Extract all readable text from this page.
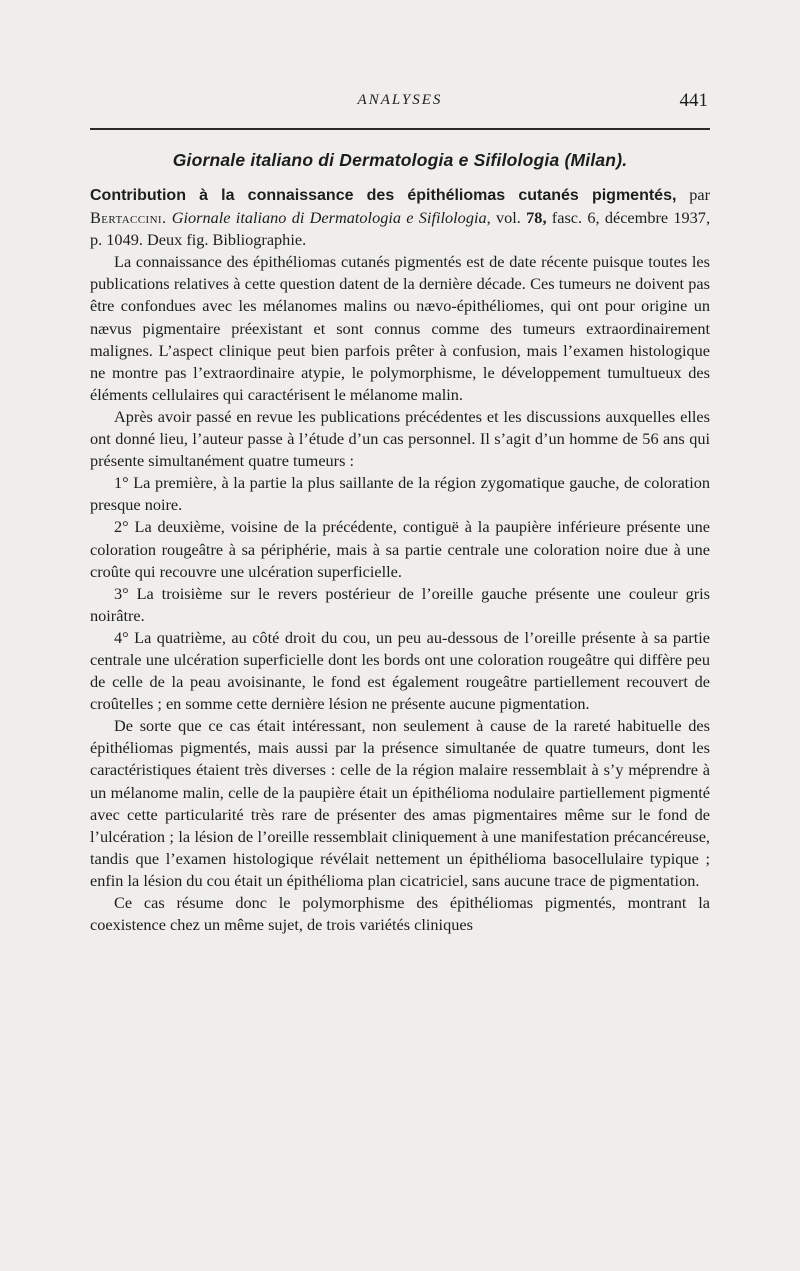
ANALYSES	441
Giornale italiano di Dermatologia e Sifilologia (Milan).

Contribution à la connaissance des épithéliomas cutanés pigmentés, par Bertaccini. Giornale italiano di Dermatologia e Sifilologia, vol. 78, fasc. 6, décembre 1937, p. 1049. Deux fig. Bibliographie.

La connaissance des épithéliomas cutanés pigmentés est de date récente puisque toutes les publications relatives à cette question datent de la dernière décade. Ces tumeurs ne doivent pas être confondues avec les mélanomes malins ou nævo-épithéliomes, qui ont pour origine un nævus pigmentaire préexistant et sont connus comme des tumeurs extraordinairement malignes. L’aspect clinique peut bien parfois prêter à confusion, mais l’examen histologique ne montre pas l’extraordinaire atypie, le polymorphisme, le développement tumultueux des éléments cellulaires qui caractérisent le mélanome malin.

Après avoir passé en revue les publications précédentes et les discussions auxquelles elles ont donné lieu, l’auteur passe à l’étude d’un cas personnel. Il s’agit d’un homme de 56 ans qui présente simultanément quatre tumeurs :

1° La première, à la partie la plus saillante de la région zygomatique gauche, de coloration presque noire.

2° La deuxième, voisine de la précédente, contiguë à la paupière inférieure présente une coloration rougeâtre à sa périphérie, mais à sa partie centrale une coloration noire due à une croûte qui recouvre une ulcération superficielle.

3° La troisième sur le revers postérieur de l’oreille gauche présente une couleur gris noirâtre.

4° La quatrième, au côté droit du cou, un peu au-dessous de l’oreille présente à sa partie centrale une ulcération superficielle dont les bords ont une coloration rougeâtre qui diffère peu de celle de la peau avoisinante, le fond est également rougeâtre partiellement recouvert de croûtelles ; en somme cette dernière lésion ne présente aucune pigmentation.

De sorte que ce cas était intéressant, non seulement à cause de la rareté habituelle des épithéliomas pigmentés, mais aussi par la présence simultanée de quatre tumeurs, dont les caractéristiques étaient très diverses : celle de la région malaire ressemblait à s’y méprendre à un mélanome malin, celle de la paupière était un épithélioma nodulaire partiellement pigmenté avec cette particularité très rare de présenter des amas pigmentaires même sur le fond de l’ulcération ; la lésion de l’oreille ressemblait cliniquement à une manifestation précancéreuse, tandis que l’examen histologique révélait nettement un épithélioma basocellulaire typique ; enfin la lésion du cou était un épithélioma plan cicatriciel, sans aucune trace de pigmentation.

Ce cas résume donc le polymorphisme des épithéliomas pigmentés, montrant la coexistence chez un même sujet, de trois variétés cliniques
